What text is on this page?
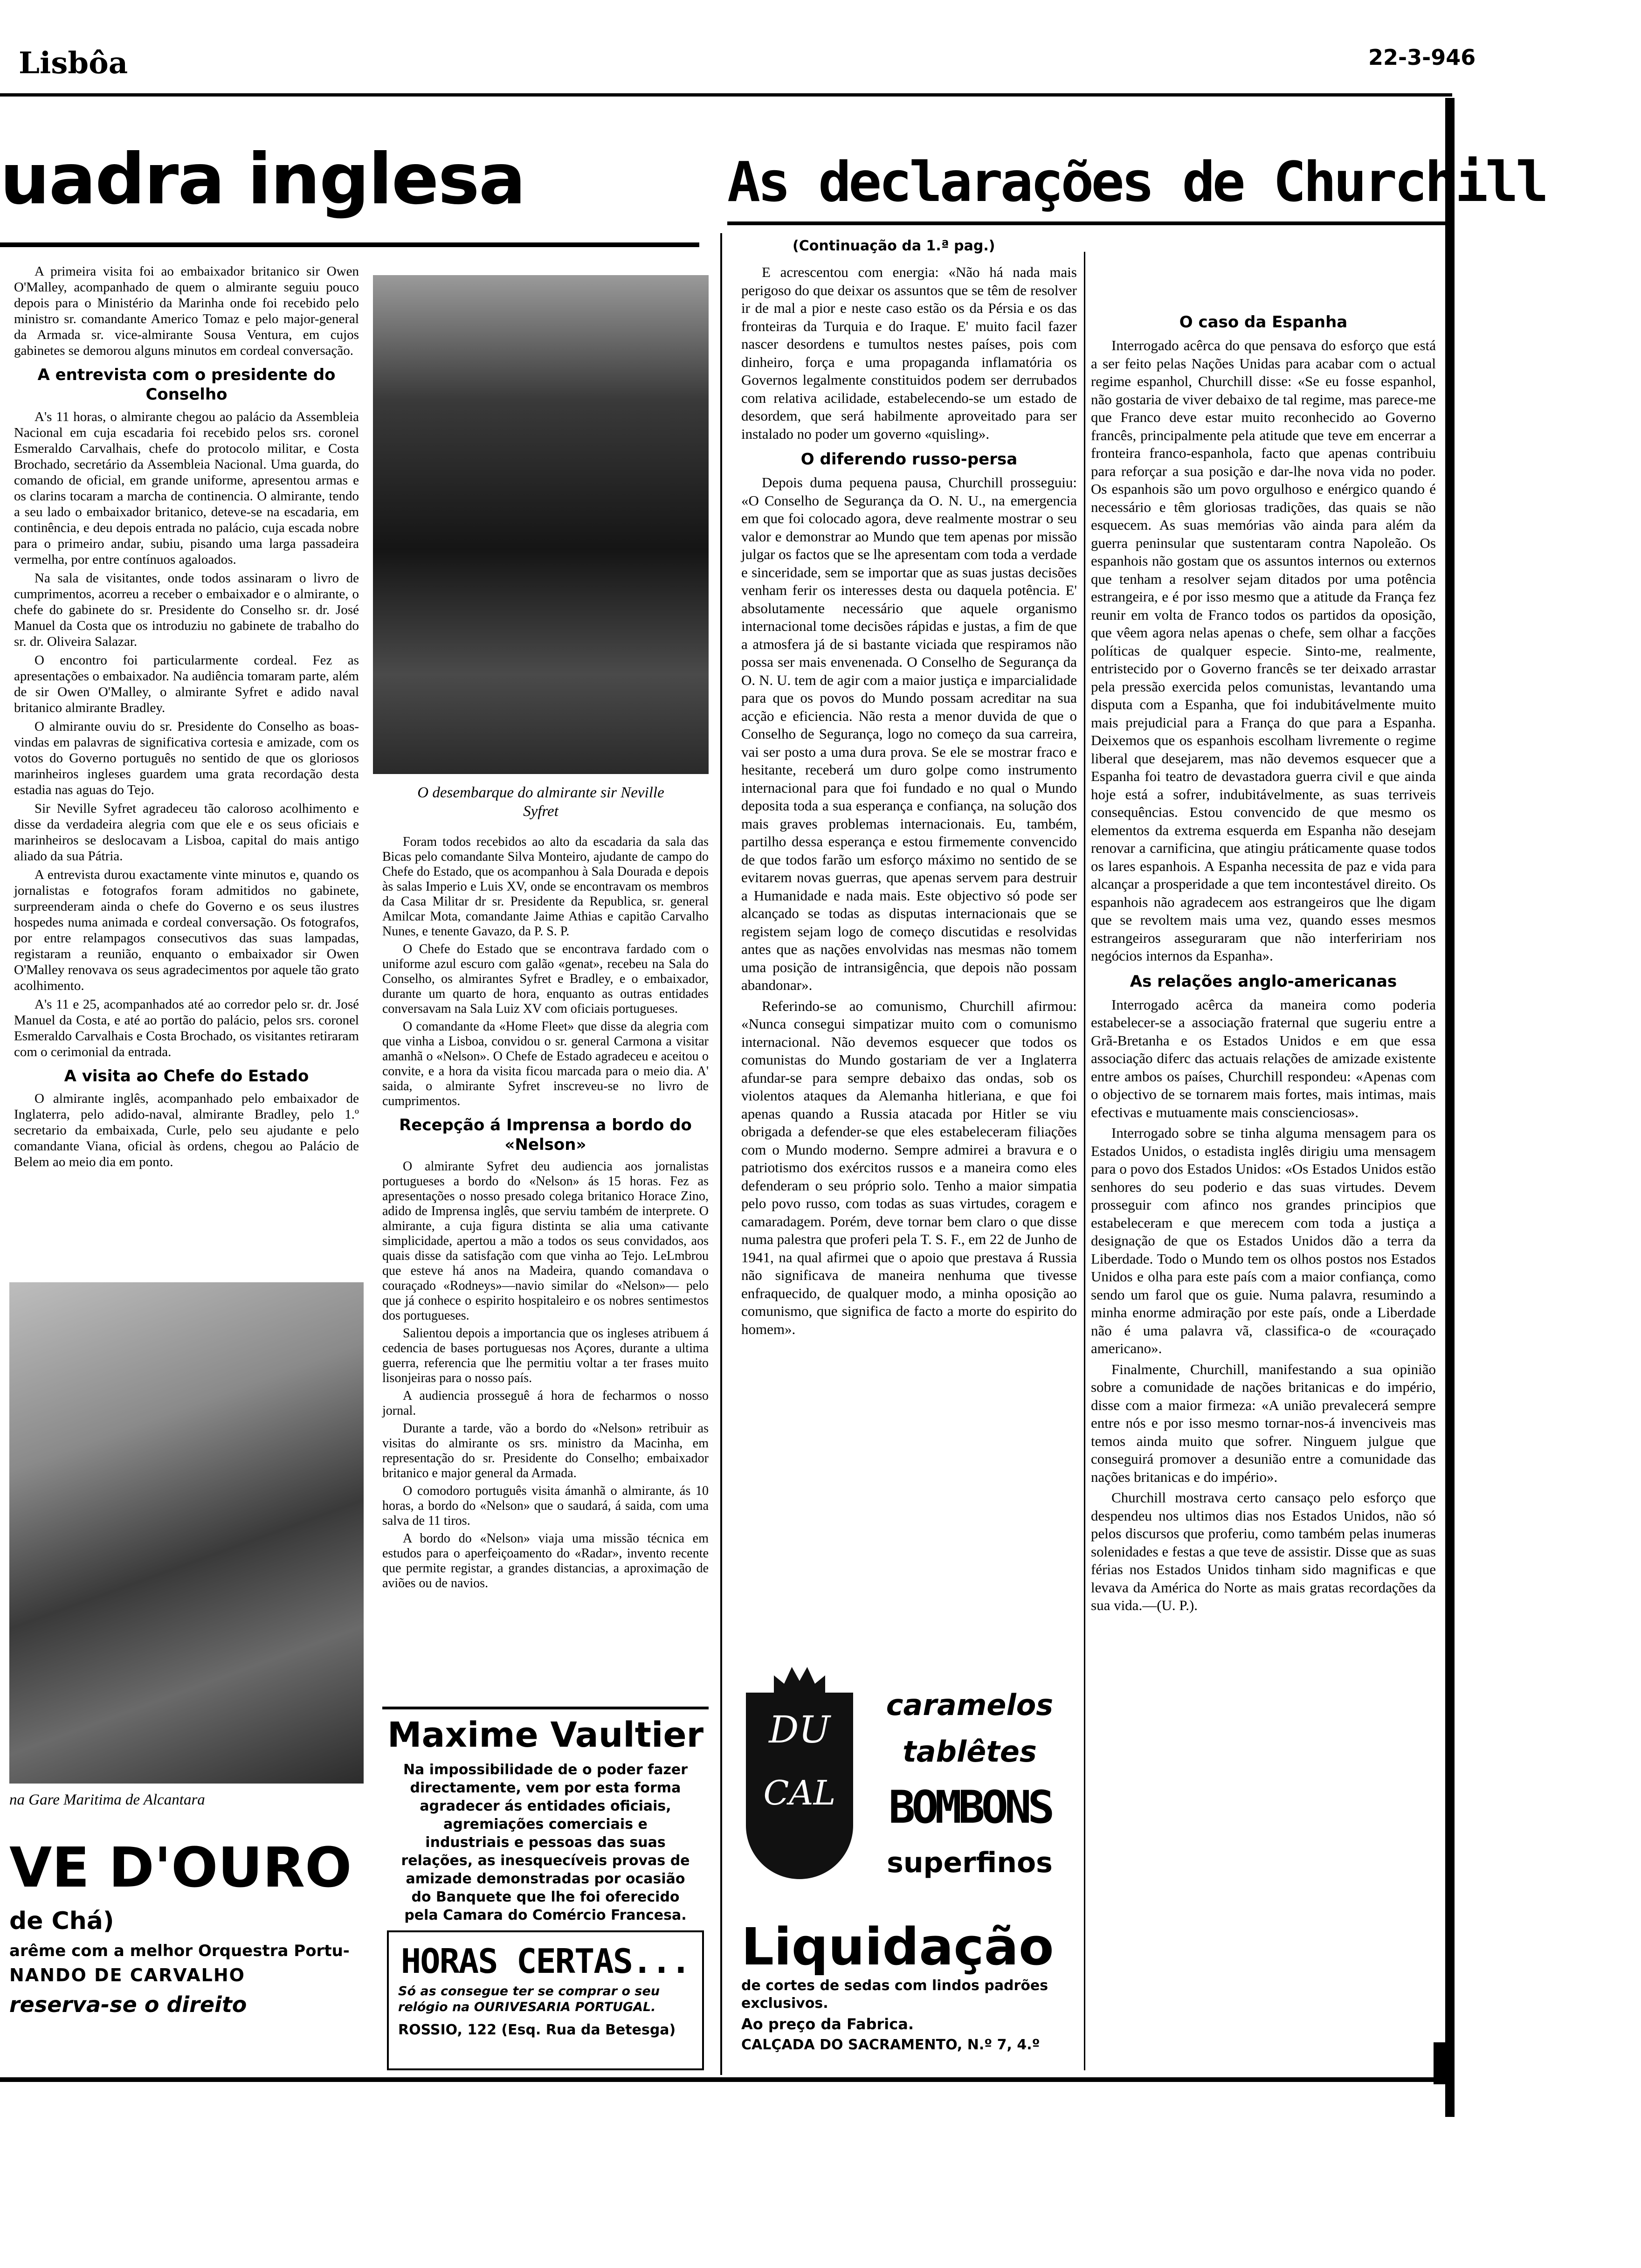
Lisbôa	22-3-946
uadra inglesa	As declarações de Churchill
(Continuação da 1.ª pag.)

A primeira visita foi ao embaixador britanico sir Owen O'Malley, acompanhado de quem o almirante seguiu pouco depois para o Ministério da Marinha onde foi recebido pelo ministro sr. comandante Americo Tomaz e pelo major-general da Armada sr. vice-almirante Sousa Ventura, em cujos gabinetes se demorou alguns minutos em cordeal conversação.

A entrevista com o presidente do Conselho

A's 11 horas, o almirante chegou ao palácio da Assembleia Nacional em cuja escadaria foi recebido pelos srs. coronel Esmeraldo Carvalhais, chefe do protocolo militar, e Costa Brochado, secretário da Assembleia Nacional. Uma guarda, do comando de oficial, em grande uniforme, apresentou armas e os clarins tocaram a marcha de continencia. O almirante, tendo a seu lado o embaixador britanico, deteve-se na escadaria, em continência, e deu depois entrada no palácio, cuja escada nobre para o primeiro andar, subiu, pisando uma larga passadeira vermelha, por entre contínuos agaloados.

Na sala de visitantes, onde todos assinaram o livro de cumprimentos, acorreu a receber o embaixador e o almirante, o chefe do gabinete do sr. Presidente do Conselho sr. dr. José Manuel da Costa que os introduziu no gabinete de trabalho do sr. dr. Oliveira Salazar.

O encontro foi particularmente cordeal. Fez as apresentações o embaixador. Na audiência tomaram parte, além de sir Owen O'Malley, o almirante Syfret e adido naval britanico almirante Bradley.

O almirante ouviu do sr. Presidente do Conselho as boas-vindas em palavras de significativa cortesia e amizade, com os votos do Governo português no sentido de que os gloriosos marinheiros ingleses guardem uma grata recordação desta estadia nas aguas do Tejo.

Sir Neville Syfret agradeceu tão caloroso acolhimento e disse da verdadeira alegria com que ele e os seus oficiais e marinheiros se deslocavam a Lisboa, capital do mais antigo aliado da sua Pátria.

A entrevista durou exactamente vinte minutos e, quando os jornalistas e fotografos foram admitidos no gabinete, surpreenderam ainda o chefe do Governo e os seus ilustres hospedes numa animada e cordeal conversação. Os fotografos, por entre relampagos consecutivos das suas lampadas, registaram a reunião, enquanto o embaixador sir Owen O'Malley renovava os seus agradecimentos por aquele tão grato acolhimento.

A's 11 e 25, acompanhados até ao corredor pelo sr. dr. José Manuel da Costa, e até ao portão do palácio, pelos srs. coronel Esmeraldo Carvalhais e Costa Brochado, os visitantes retiraram com o cerimonial da entrada.

A visita ao Chefe do Estado

O almirante inglês, acompanhado pelo embaixador de Inglaterra, pelo adido-naval, almirante Bradley, pelo 1.º secretario da embaixada, Curle, pelo seu ajudante e pelo comandante Viana, oficial às ordens, chegou ao Palácio de Belem ao meio dia em ponto.

na Gare Maritima de Alcantara
VE D'OURO
de Chá)
arême com a melhor Orquestra Portu-
NANDO DE CARVALHO
reserva-se o direito
O desembarque do almirante sir Neville Syfret

Foram todos recebidos ao alto da escadaria da sala das Bicas pelo comandante Silva Monteiro, ajudante de campo do Chefe do Estado, que os acompanhou à Sala Dourada e depois às salas Imperio e Luis XV, onde se encontravam os membros da Casa Militar dr sr. Presidente da Republica, sr. general Amilcar Mota, comandante Jaime Athias e capitão Carvalho Nunes, e tenente Gavazo, da P. S. P.

O Chefe do Estado que se encontrava fardado com o uniforme azul escuro com galão «genat», recebeu na Sala do Conselho, os almirantes Syfret e Bradley, e o embaixador, durante um quarto de hora, enquanto as outras entidades conversavam na Sala Luiz XV com oficiais portugueses.

O comandante da «Home Fleet» que disse da alegria com que vinha a Lisboa, convidou o sr. general Carmona a visitar amanhã o «Nelson». O Chefe de Estado agradeceu e aceitou o convite, e a hora da visita ficou marcada para o meio dia. A' saida, o almirante Syfret inscreveu-se no livro de cumprimentos.

Recepção á Imprensa a bordo do «Nelson»

O almirante Syfret deu audiencia aos jornalistas portugueses a bordo do «Nelson» ás 15 horas. Fez as apresentações o nosso presado colega britanico Horace Zino, adido de Imprensa inglês, que serviu também de interprete. O almirante, a cuja figura distinta se alia uma cativante simplicidade, apertou a mão a todos os seus convidados, aos quais disse da satisfação com que vinha ao Tejo. LeLmbrou que esteve há anos na Madeira, quando comandava o couraçado «Rodneys»—navio similar do «Nelson»— pelo que já conhece o espirito hospitaleiro e os nobres sentimestos dos portugueses.

Salientou depois a importancia que os ingleses atribuem á cedencia de bases portuguesas nos Açores, durante a ultima guerra, referencia que lhe permitiu voltar a ter frases muito lisonjeiras para o nosso país.

A audiencia prosseguê á hora de fecharmos o nosso jornal.

Durante a tarde, vão a bordo do «Nelson» retribuir as visitas do almirante os srs. ministro da Macinha, em representação do sr. Presidente do Conselho; embaixador britanico e major general da Armada.

O comodoro português visita ámanhã o almirante, ás 10 horas, a bordo do «Nelson» que o saudará, á saida, com uma salva de 11 tiros.

A bordo do «Nelson» viaja uma missão técnica em estudos para o aperfeiçoamento do «Radar», invento recente que permite registar, a grandes distancias, a aproximação de aviões ou de navios.

Maxime Vaultier
Na impossibilidade de o poder fazer directamente, vem por esta forma agradecer ás entidades oficiais, agremiações comerciais e industriais e pessoas das suas relações, as inesquecíveis provas de amizade demonstradas por ocasião do Banquete que lhe foi oferecido pela Camara do Comércio Francesa.
HORAS CERTAS...
Só as consegue ter se comprar o seu relógio na OURIVESARIA PORTUGAL.
ROSSIO, 122 (Esq. Rua da Betesga)

E acrescentou com energia: «Não há nada mais perigoso do que deixar os assuntos que se têm de resolver ir de mal a pior e neste caso estão os da Pérsia e os das fronteiras da Turquia e do Iraque. E' muito facil fazer nascer desordens e tumultos nestes países, pois com dinheiro, força e uma propaganda inflamatória os Governos legalmente constituidos podem ser derrubados com relativa acilidade, estabelecendo-se um estado de desordem, que será habilmente aproveitado para ser instalado no poder um governo «quisling».

O diferendo russo-persa

Depois duma pequena pausa, Churchill prosseguiu: «O Conselho de Segurança da O. N. U., na emergencia em que foi colocado agora, deve realmente mostrar o seu valor e demonstrar ao Mundo que tem apenas por missão julgar os factos que se lhe apresentam com toda a verdade e sinceridade, sem se importar que as suas justas decisões venham ferir os interesses desta ou daquela potência. E' absolutamente necessário que aquele organismo internacional tome decisões rápidas e justas, a fim de que a atmosfera já de si bastante viciada que respiramos não possa ser mais envenenada. O Conselho de Segurança da O. N. U. tem de agir com a maior justiça e imparcialidade para que os povos do Mundo possam acreditar na sua acção e eficiencia. Não resta a menor duvida de que o Conselho de Segurança, logo no começo da sua carreira, vai ser posto a uma dura prova. Se ele se mostrar fraco e hesitante, receberá um duro golpe como instrumento internacional para que foi fundado e no qual o Mundo deposita toda a sua esperança e confiança, na solução dos mais graves problemas internacionais. Eu, também, partilho dessa esperança e estou firmemente convencido de que todos farão um esforço máximo no sentido de se evitarem novas guerras, que apenas servem para destruir a Humanidade e nada mais. Este objectivo só pode ser alcançado se todas as disputas internacionais que se registem sejam logo de começo discutidas e resolvidas antes que as nações envolvidas nas mesmas não tomem uma posição de intransigência, que depois não possam abandonar».

Referindo-se ao comunismo, Churchill afirmou: «Nunca consegui simpatizar muito com o comunismo internacional. Não devemos esquecer que todos os comunistas do Mundo gostariam de ver a Inglaterra afundar-se para sempre debaixo das ondas, sob os violentos ataques da Alemanha hitleriana, e que foi apenas quando a Russia atacada por Hitler se viu obrigada a defender-se que eles estabeleceram filiações com o Mundo moderno. Sempre admirei a bravura e o patriotismo dos exércitos russos e a maneira como eles defenderam o seu próprio solo. Tenho a maior simpatia pelo povo russo, com todas as suas virtudes, coragem e camaradagem. Porém, deve tornar bem claro o que disse numa palestra que proferi pela T. S. F., em 22 de Junho de 1941, na qual afirmei que o apoio que prestava á Russia não significava de maneira nenhuma que tivesse enfraquecido, de qualquer modo, a minha oposição ao comunismo, que significa de facto a morte do espirito do homem».

O caso da Espanha

Interrogado acêrca do que pensava do esforço que está a ser feito pelas Nações Unidas para acabar com o actual regime espanhol, Churchill disse: «Se eu fosse espanhol, não gostaria de viver debaixo de tal regime, mas parece-me que Franco deve estar muito reconhecido ao Governo francês, principalmente pela atitude que teve em encerrar a fronteira franco-espanhola, facto que apenas contribuiu para reforçar a sua posição e dar-lhe nova vida no poder. Os espanhois são um povo orgulhoso e enérgico quando é necessário e têm gloriosas tradições, das quais se não esquecem. As suas memórias vão ainda para além da guerra peninsular que sustentaram contra Napoleão. Os espanhois não gostam que os assuntos internos ou externos que tenham a resolver sejam ditados por uma potência estrangeira, e é por isso mesmo que a atitude da França fez reunir em volta de Franco todos os partidos da oposição, que vêem agora nelas apenas o chefe, sem olhar a facções políticas de qualquer especie. Sinto-me, realmente, entristecido por o Governo francês se ter deixado arrastar pela pressão exercida pelos comunistas, levantando uma disputa com a Espanha, que foi indubitávelmente muito mais prejudicial para a França do que para a Espanha. Deixemos que os espanhois escolham livremente o regime liberal que desejarem, mas não devemos esquecer que a Espanha foi teatro de devastadora guerra civil e que ainda hoje está a sofrer, indubitávelmente, as suas terriveis consequências. Estou convencido de que mesmo os elementos da extrema esquerda em Espanha não desejam renovar a carnificina, que atingiu práticamente quase todos os lares espanhois. A Espanha necessita de paz e vida para alcançar a prosperidade a que tem incontestável direito. Os espanhois não agradecem aos estrangeiros que lhe digam que se revoltem mais uma vez, quando esses mesmos estrangeiros asseguraram que não interfeririam nos negócios internos da Espanha».

As relações anglo-americanas

Interrogado acêrca da maneira como poderia estabelecer-se a associação fraternal que sugeriu entre a Grã-Bretanha e os Estados Unidos e em que essa associação diferc das actuais relações de amizade existente entre ambos os países, Churchill respondeu: «Apenas com o objectivo de se tornarem mais fortes, mais intimas, mais efectivas e mutuamente mais conscienciosas».

Interrogado sobre se tinha alguma mensagem para os Estados Unidos, o estadista inglês dirigiu uma mensagem para o povo dos Estados Unidos: «Os Estados Unidos estão senhores do seu poderio e das suas virtudes. Devem prosseguir com afinco nos grandes principios que estabeleceram e que merecem com toda a justiça a designação de que os Estados Unidos dão a terra da Liberdade. Todo o Mundo tem os olhos postos nos Estados Unidos e olha para este país com a maior confiança, como sendo um farol que os guie. Numa palavra, resumindo a minha enorme admiração por este país, onde a Liberdade não é uma palavra vã, classifica-o de «couraçado americano».

Finalmente, Churchill, manifestando a sua opinião sobre a comunidade de nações britanicas e do império, disse com a maior firmeza: «A união prevalecerá sempre entre nós e por isso mesmo tornar-nos-á invenciveis mas temos ainda muito que sofrer. Ninguem julgue que conseguirá promover a desunião entre a comunidade das nações britanicas e do império».

Churchill mostrava certo cansaço pelo esforço que despendeu nos ultimos dias nos Estados Unidos, não só pelos discursos que proferiu, como também pelas inumeras solenidades e festas a que teve de assistir. Disse que as suas férias nos Estados Unidos tinham sido magnificas e que levava da América do Norte as mais gratas recordações da sua vida.—(U. P.).

DU
CAL
caramelos
tablêtes
BOMBONS
superfinos
Liquidação
de cortes de sedas com lindos padrões exclusivos.
Ao preço da Fabrica.
CALÇADA DO SACRAMENTO, N.º 7, 4.º
